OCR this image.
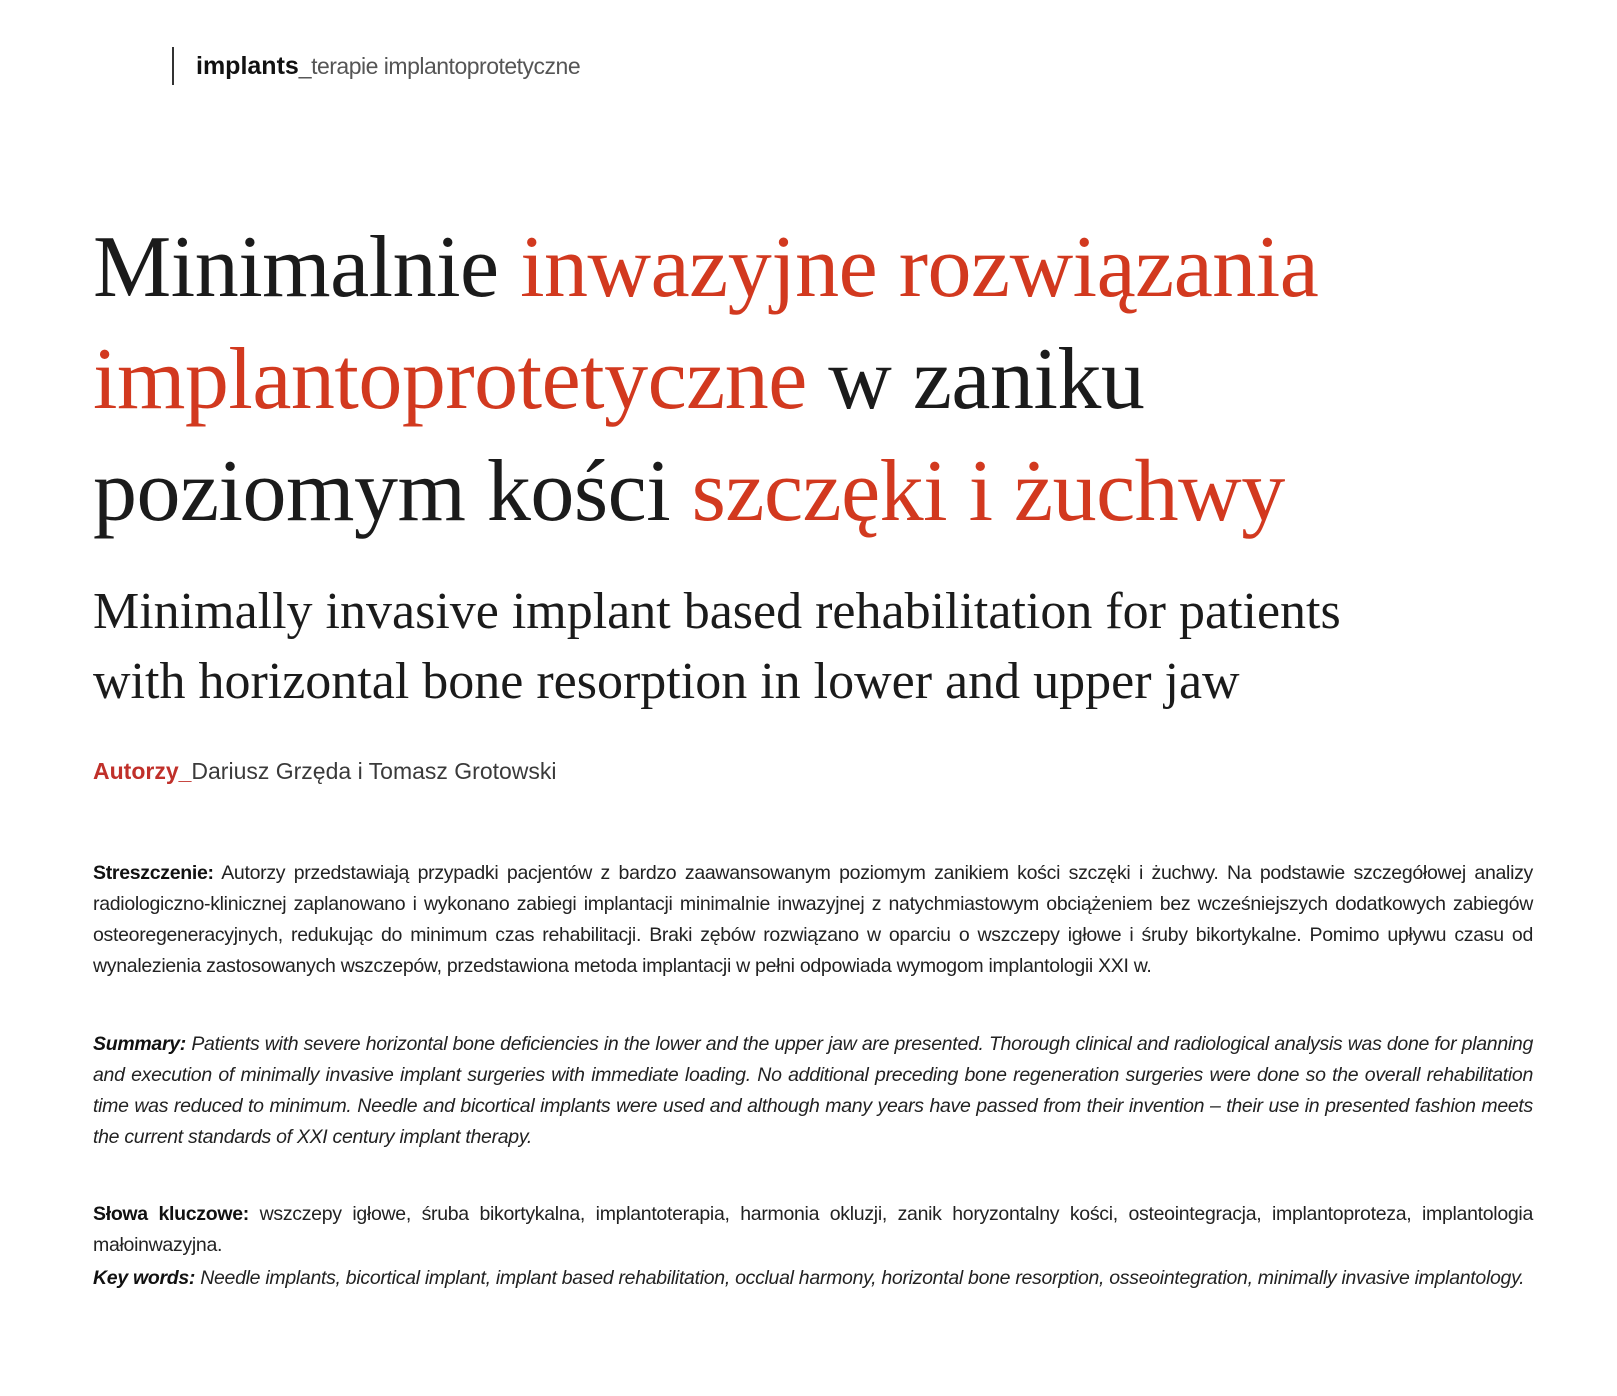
implants _terapie implantoprotetyczne
Minimalnie inwazyjne rozwiązania
implantoprotetyczne w zaniku
poziomym kości szczęki i żuchwy
Minimally invasive implant based rehabilitation for patients
with horizontal bone resorption in lower and upper jaw
Autorzy_Dariusz Grzęda i Tomasz Grotowski

Streszczenie: Autorzy przedstawiają przypadki pacjentów z bardzo zaawansowanym poziomym zanikiem kości szczęki i żuchwy. Na podstawie szczegółowej analizy radiologiczno-klinicznej zaplanowano i wykonano zabiegi implantacji minimalnie inwazyjnej z natychmiastowym obciążeniem bez wcześniejszych dodatkowych zabiegów osteoregeneracyjnych, redukując do minimum czas rehabilitacji. Braki zębów rozwiązano w oparciu o wszczepy igłowe i śruby bikortykalne. Pomimo upływu czasu od wynalezienia zastosowanych wszczepów, przedstawiona metoda implantacji w pełni odpowiada wymogom implantologii XXI w.

Summary: Patients with severe horizontal bone deficiencies in the lower and the upper jaw are presented. Thorough clinical and radiological analysis was done for planning and execution of minimally invasive implant surgeries with immediate loading. No additional preceding bone regeneration surgeries were done so the overall rehabilitation time was reduced to minimum. Needle and bicortical implants were used and although many years have passed from their invention – their use in presented fashion meets the current standards of XXI century implant therapy.

Słowa kluczowe: wszczepy igłowe, śruba bikortykalna, implantoterapia, harmonia okluzji, zanik horyzontalny kości, osteointegracja, implantoproteza, implantologia małoinwazyjna.

Key words: Needle implants, bicortical implant, implant based rehabilitation, occlual harmony, horizontal bone resorption, osseointegration, minimally invasive implantology.
